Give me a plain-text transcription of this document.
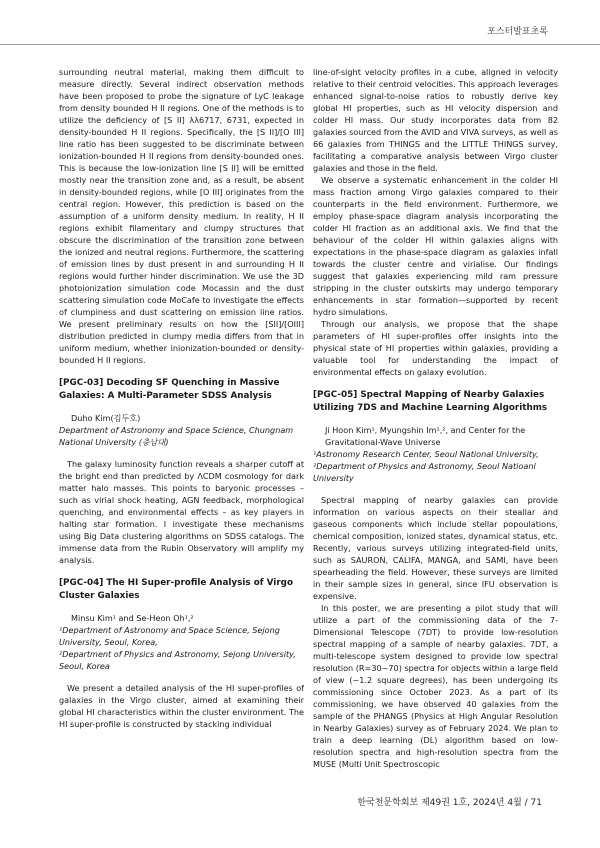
포스터발표초록

surrounding neutral material, making them difficult to measure directly. Several indirect observation methods have been proposed to probe the signature of LyC leakage from density bounded H II regions. One of the methods is to utilize the deficiency of [S II] λλ6717, 6731, expected in density-bounded H II regions. Specifically, the [S II]/[O III] line ratio has been suggested to be discriminate between ionization-bounded H II regions from density-bounded ones. This is because the low-ionization line [S II] will be emitted mostly near the transition zone and, as a result, be absent in density-bounded regions, while [O III] originates from the central region. However, this prediction is based on the assumption of a uniform density medium. In reality, H II regions exhibit filamentary and clumpy structures that obscure the discrimination of the transition zone between the ionized and neutral regions. Furthermore, the scattering of emission lines by dust present in and surrounding H II regions would further hinder discrimination. We use the 3D photoionization simulation code Mocassin and the dust scattering simulation code MoCafe to investigate the effects of clumpiness and dust scattering on emission line ratios. We present preliminary results on how the [SII]/[OIII] distribution predicted in clumpy media differs from that in uniform medium, whether inionization-bounded or density-bounded H II regions.

[PGC-03] Decoding SF Quenching in Massive Galaxies: A Multi-Parameter SDSS Analysis

Duho Kim(김두호)

Department of Astronomy and Space Science, Chungnam National University (충남대)

The galaxy luminosity function reveals a sharper cutoff at the bright end than predicted by ΛCDM cosmology for dark matter halo masses. This points to baryonic processes – such as virial shock heating, AGN feedback, morphological quenching, and environmental effects – as key players in halting star formation. I investigate these mechanisms using Big Data clustering algorithms on SDSS catalogs. The immense data from the Rubin Observatory will amplify my analysis.

[PGC-04] The HI Super-profile Analysis of Virgo Cluster Galaxies

Minsu Kim¹ and Se-Heon Oh¹,²

¹Department of Astronomy and Space Science, Sejong University, Seoul, Korea,

²Department of Physics and Astronomy, Sejong University, Seoul, Korea

We present a detailed analysis of the HI super-profiles of galaxies in the Virgo cluster, aimed at examining their global HI characteristics within the cluster environment. The HI super-profile is constructed by stacking individual

line-of-sight velocity profiles in a cube, aligned in velocity relative to their centroid velocities. This approach leverages enhanced signal-to-noise ratios to robustly derive key global HI properties, such as HI velocity dispersion and colder HI mass. Our study incorporates data from 82 galaxies sourced from the AVID and VIVA surveys, as well as 66 galaxies from THINGS and the LITTLE THINGS survey, facilitating a comparative analysis between Virgo cluster galaxies and those in the field.

We observe a systematic enhancement in the colder HI mass fraction among Virgo galaxies compared to their counterparts in the field environment. Furthermore, we employ phase-space diagram analysis incorporating the colder HI fraction as an additional axis. We find that the behaviour of the colder HI within galaxies aligns with expectations in the phase-space diagram as galaxies infall towards the cluster centre and virialise. Our findings suggest that galaxies experiencing mild ram pressure stripping in the cluster outskirts may undergo temporary enhancements in star formation—supported by recent hydro simulations.

Through our analysis, we propose that the shape parameters of HI super-profiles offer insights into the physical state of HI properties within galaxies, providing a valuable tool for understanding the impact of environmental effects on galaxy evolution.

[PGC-05] Spectral Mapping of Nearby Galaxies Utilizing 7DS and Machine Learning Algorithms

Ji Hoon Kim¹, Myungshin Im¹,², and Center for the Gravitational-Wave Universe

¹Astronomy Research Center, Seoul National University,

²Department of Physics and Astronomy, Seoul Natioanl University

Spectral mapping of nearby galaxies can provide information on various aspects on their steallar and gaseous components which include stellar popoulations, chemical composition, ionized states, dynamical status, etc. Recently, various surveys utilizing integrated-field units, such as SAURON, CALIFA, MANGA, and SAMI, have been spearheading the field. However, these surveys are limited in their sample sizes in general, since IFU observation is expensive.

In this poster, we are presenting a pilot study that will utilize a part of the commissioning data of the 7-Dimensional Telescope (7DT) to provide low-resolution spectral mapping of a sample of nearby galaxies. 7DT, a multi-telescope system designed to provide low spectral resolution (R=30~70) spectra for objects within a large field of view (~1.2 square degrees), has been undergoing its commissioning since October 2023. As a part of its commissioning, we have observed 40 galaxies from the sample of the PHANGS (Physics at High Angular Resolution in Nearby Galaxies) survey as of February 2024. We plan to train a deep learning (DL) algorithm based on low-resolution spectra and high-resolution spectra from the MUSE (Multi Unit Spectroscopic

한국천문학회보 제49권 1호, 2024년 4월 / 71
